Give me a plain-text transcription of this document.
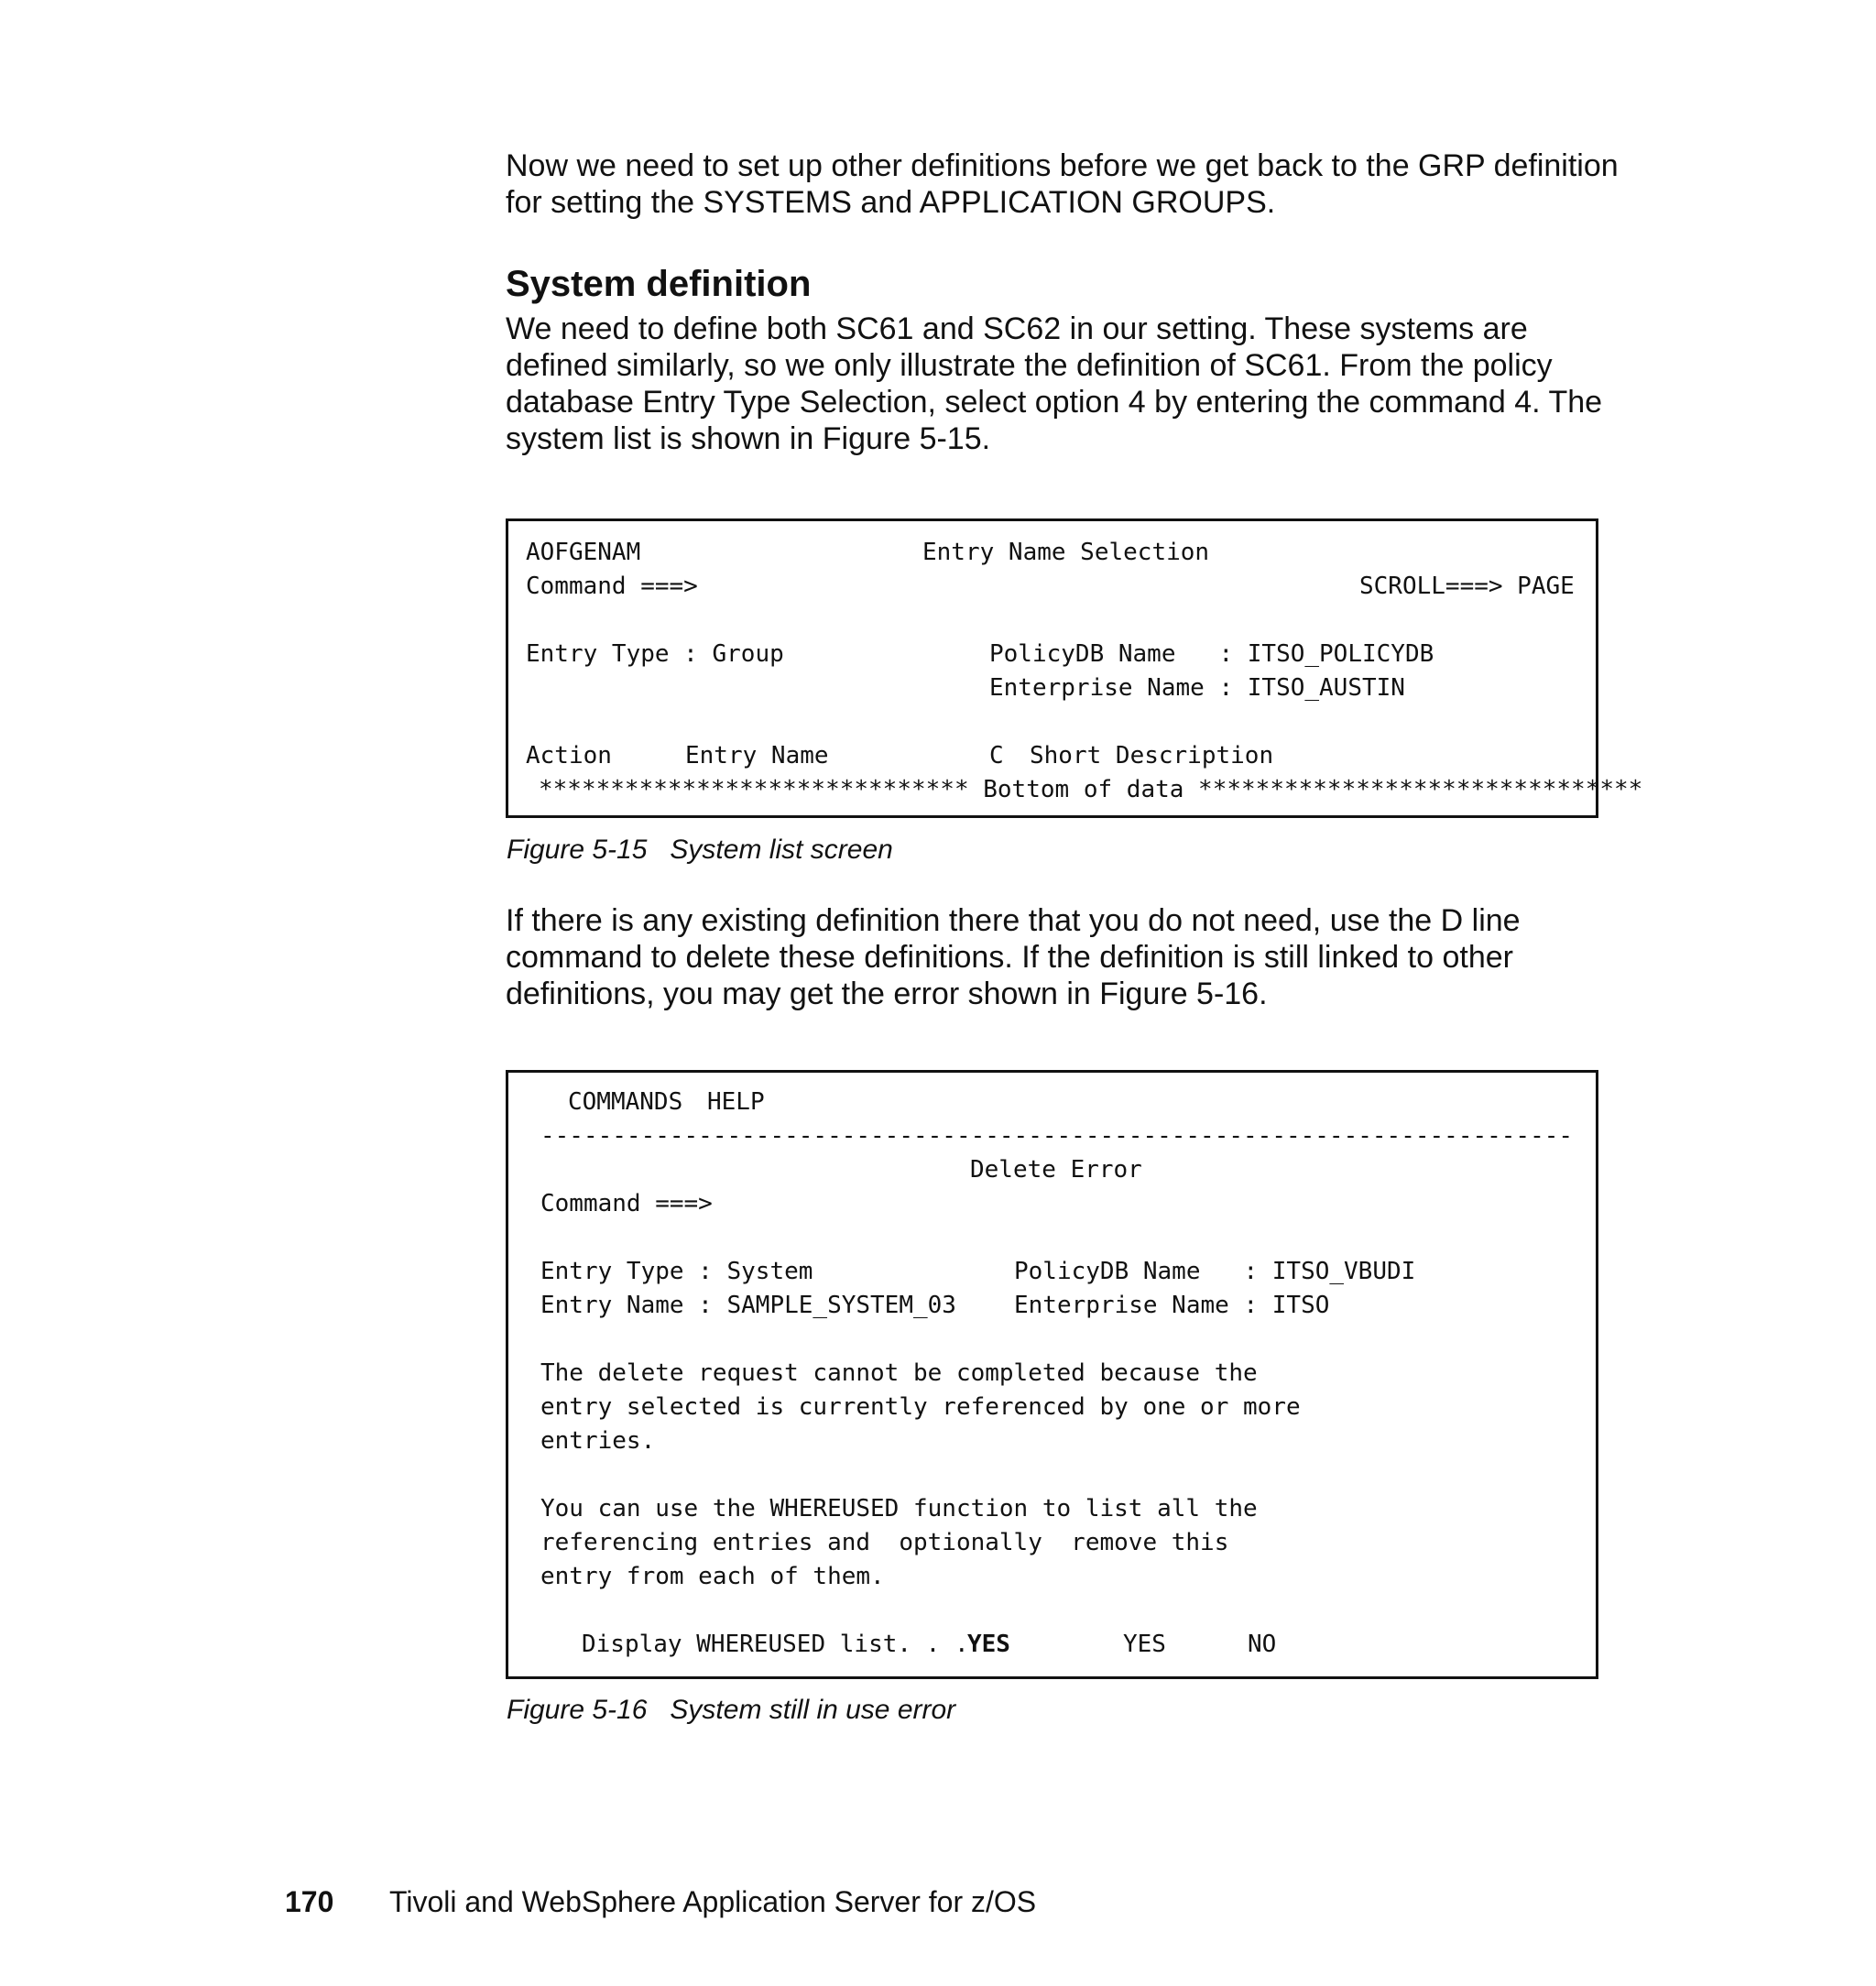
Now we need to set up other definitions before we get back to the GRP definition
for setting the SYSTEMS and APPLICATION GROUPS.

System definition

We need to define both SC61 and SC62 in our setting. These systems are
defined similarly, so we only illustrate the definition of SC61. From the policy
database Entry Type Selection, select option 4 by entering the command 4. The
system list is shown in Figure 5-15.

AOFGENAM	Entry Name Selection
Command ===>	SCROLL===> PAGE
Entry Type : Group	PolicyDB Name   : ITSO_POLICYDB
Enterprise Name : ITSO_AUSTIN
Action	Entry Name	C Short Description
****************************** Bottom of data *******************************

Figure 5-15   System list screen

If there is any existing definition there that you do not need, use the D line
command to delete these definitions. If the definition is still linked to other
definitions, you may get the error shown in Figure 5-16.

COMMANDS HELP
------------------------------------------------------------------------
Delete Error
Command ===>
Entry Type : System	PolicyDB Name   : ITSO_VBUDI
Entry Name : SAMPLE_SYSTEM_03 Enterprise Name : ITSO
The delete request cannot be completed because the
entry selected is currently referenced by one or more
entries.
You can use the WHEREUSED function to list all the
referencing entries and  optionally  remove this
entry from each of them.
Display WHEREUSED list. . .
YES	YES	NO

Figure 5-16   System still in use error

170 Tivoli and WebSphere Application Server for z/OS
